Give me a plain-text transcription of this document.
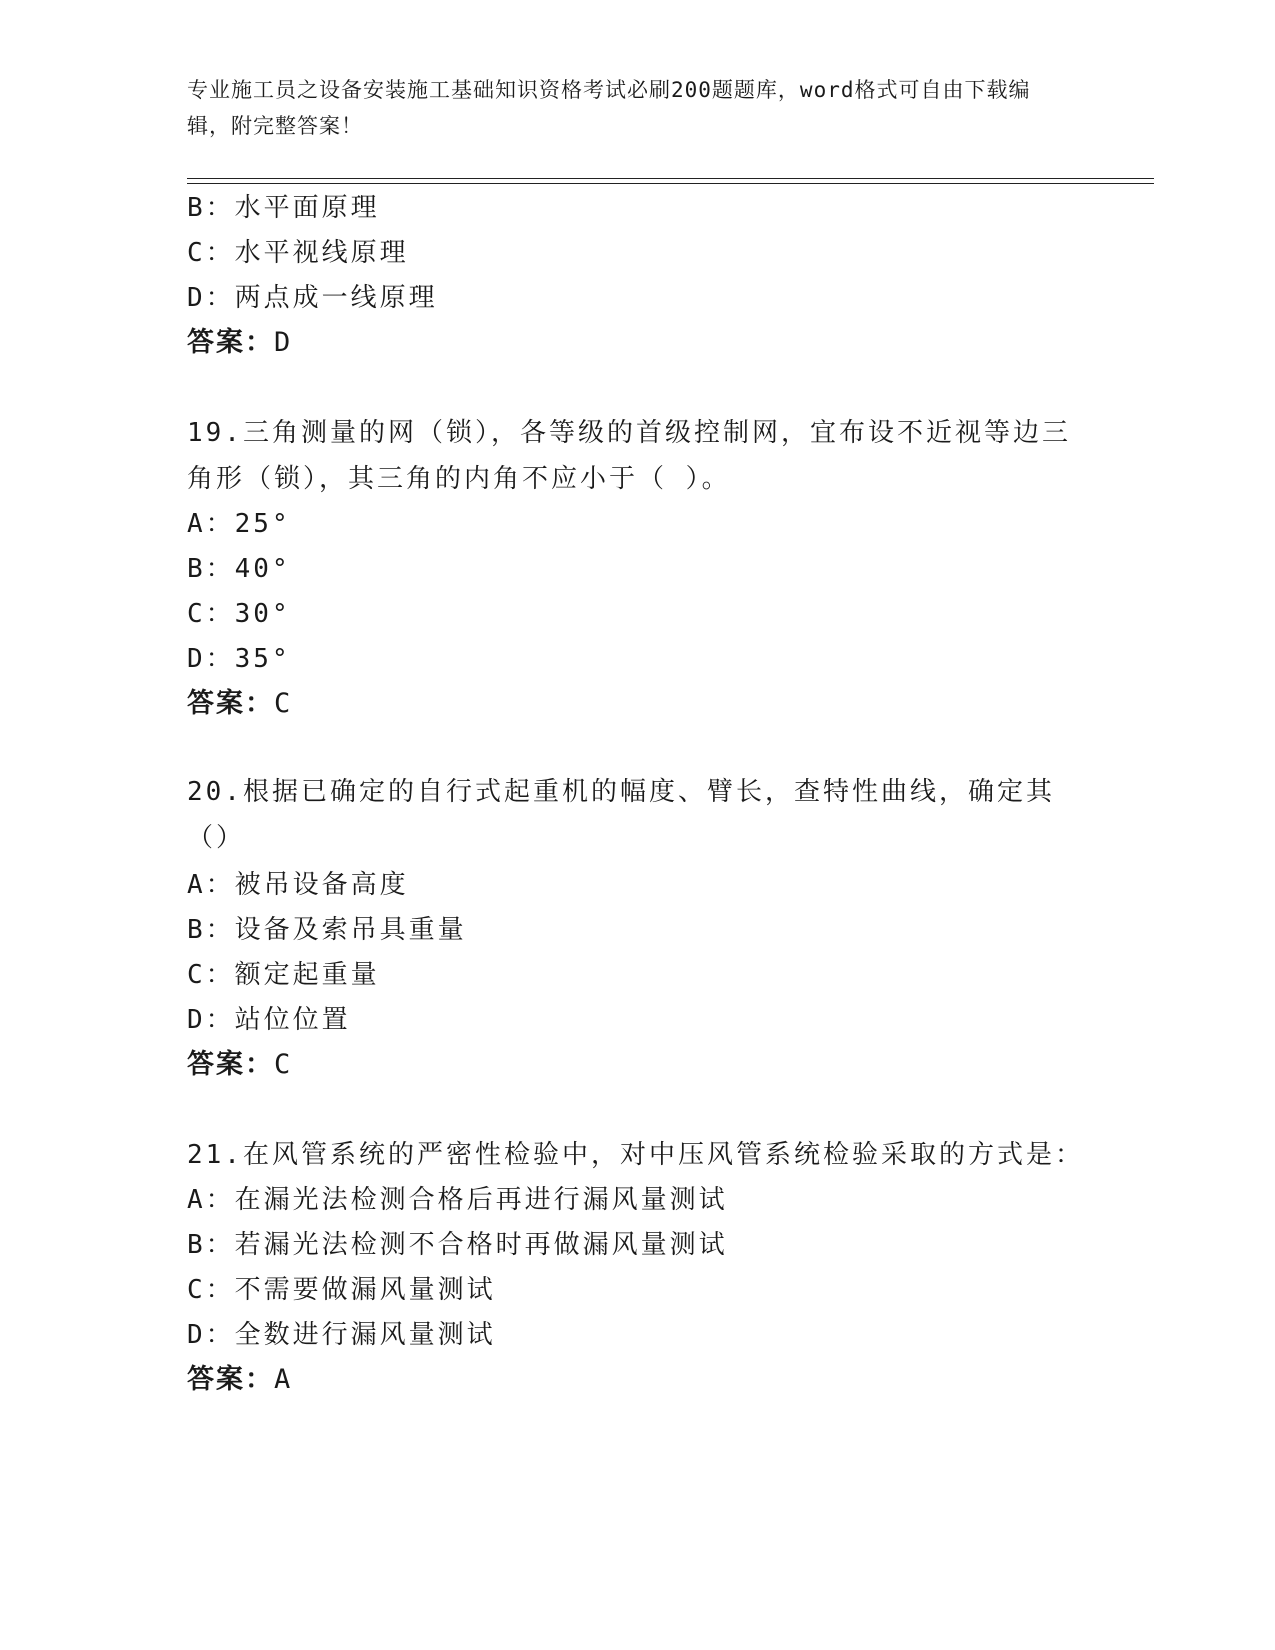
专业施工员之设备安装施工基础知识资格考试必刷200题题库，word格式可自由下载编辑，附完整答案！
B：水平面原理
C：水平视线原理
D：两点成一线原理
答案：D
19.三角测量的网（锁），各等级的首级控制网，宜布设不近视等边三角形（锁），其三角的内角不应小于（ ）。
A：25°
B：40°
C：30°
D：35°
答案：C
20.根据已确定的自行式起重机的幅度、臂长，查特性曲线，确定其（）
A：被吊设备高度
B：设备及索吊具重量
C：额定起重量
D：站位位置
答案：C
21.在风管系统的严密性检验中，对中压风管系统检验采取的方式是：
A：在漏光法检测合格后再进行漏风量测试
B：若漏光法检测不合格时再做漏风量测试
C：不需要做漏风量测试
D：全数进行漏风量测试
答案：A
